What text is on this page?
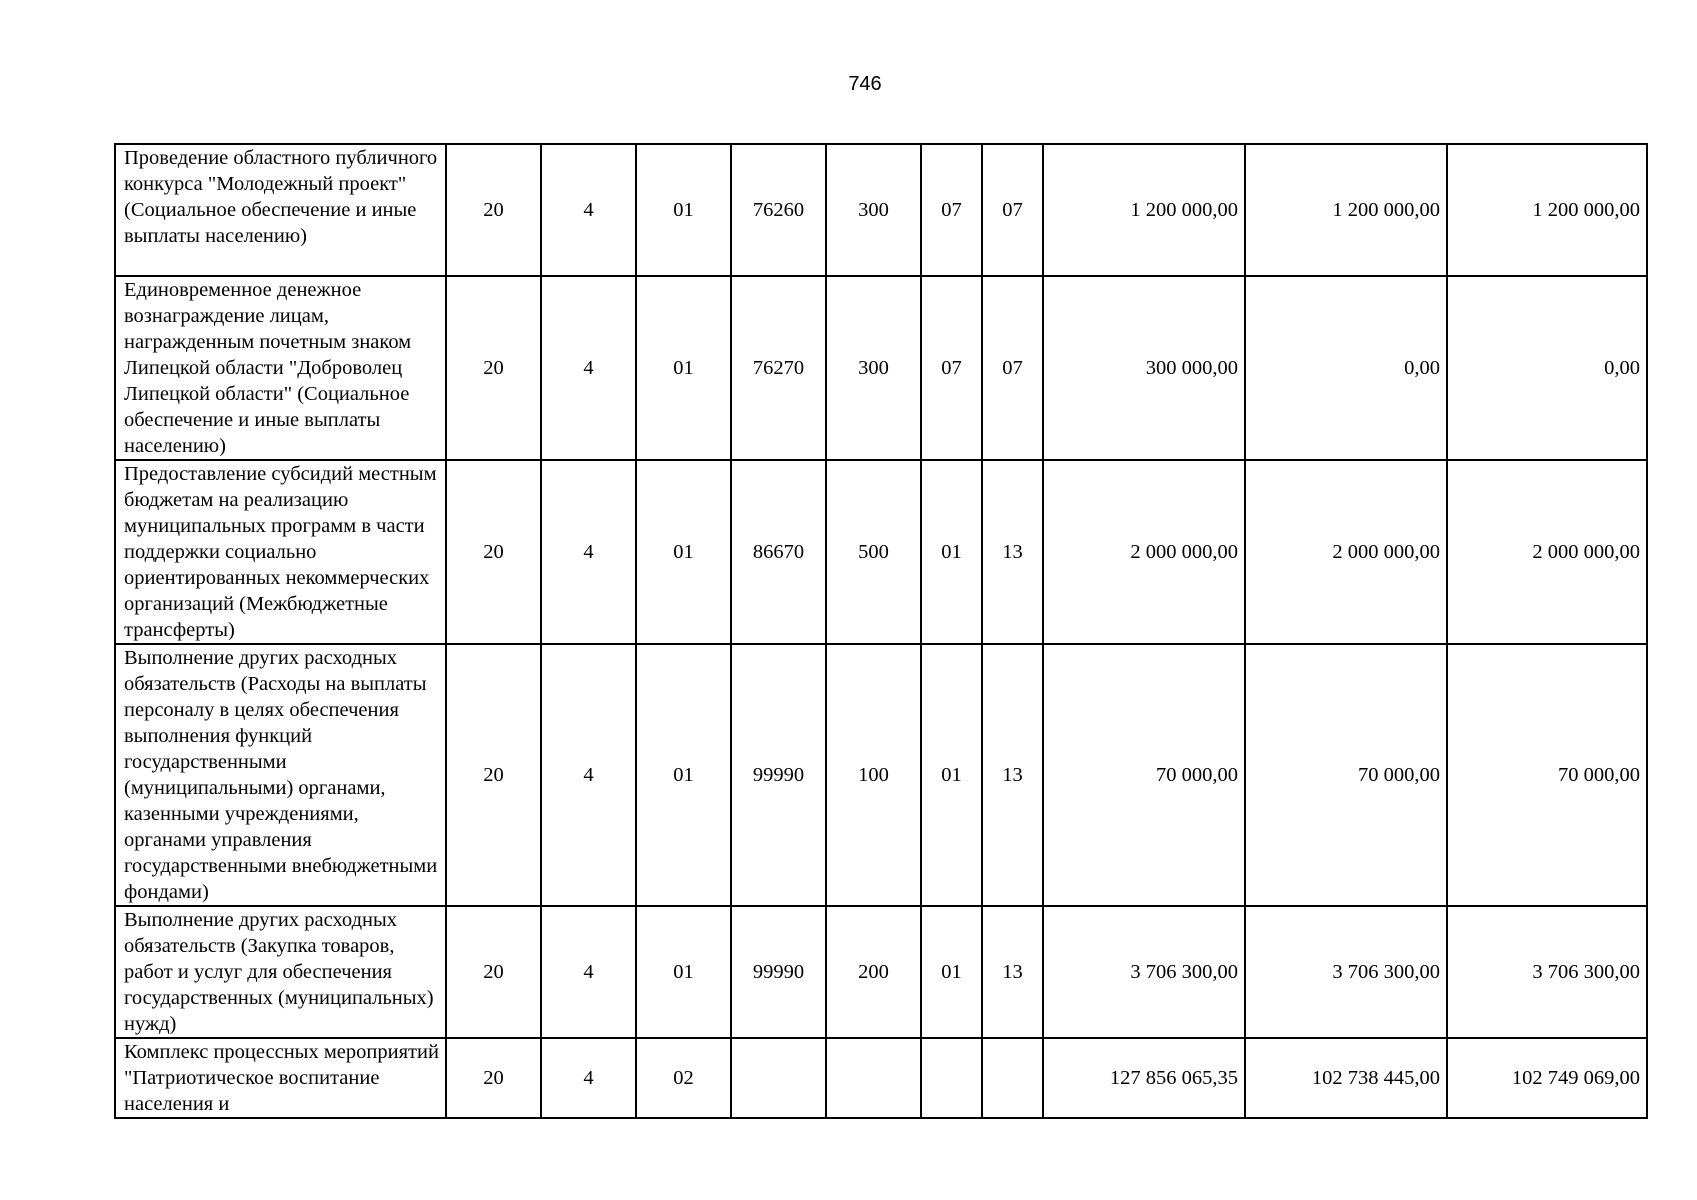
746
Проведение областного публичного конкурса "Молодежный проект" (Социальное обеспечение и иные выплаты населению)	20	4	01	76260	300	07	07	1 200 000,00	1 200 000,00	1 200 000,00
Единовременное денежное вознаграждение лицам, награжденным почетным знаком Липецкой области "Доброволец Липецкой области" (Социальное обеспечение и иные выплаты населению)	20	4	01	76270	300	07	07	300 000,00	0,00	0,00
Предоставление субсидий местным бюджетам на реализацию муниципальных программ в части поддержки социально ориентированных некоммерческих организаций (Межбюджетные трансферты)	20	4	01	86670	500	01	13	2 000 000,00	2 000 000,00	2 000 000,00
Выполнение других расходных обязательств (Расходы на выплаты персоналу в целях обеспечения выполнения функций государственными (муниципальными) органами, казенными учреждениями, органами управления государственными внебюджетными фондами)	20	4	01	99990	100	01	13	70 000,00	70 000,00	70 000,00
Выполнение других расходных обязательств (Закупка товаров, работ и услуг для обеспечения государственных (муниципальных) нужд)	20	4	01	99990	200	01	13	3 706 300,00	3 706 300,00	3 706 300,00
Комплекс процессных мероприятий "Патриотическое воспитание населения и	20	4	02					127 856 065,35	102 738 445,00	102 749 069,00
